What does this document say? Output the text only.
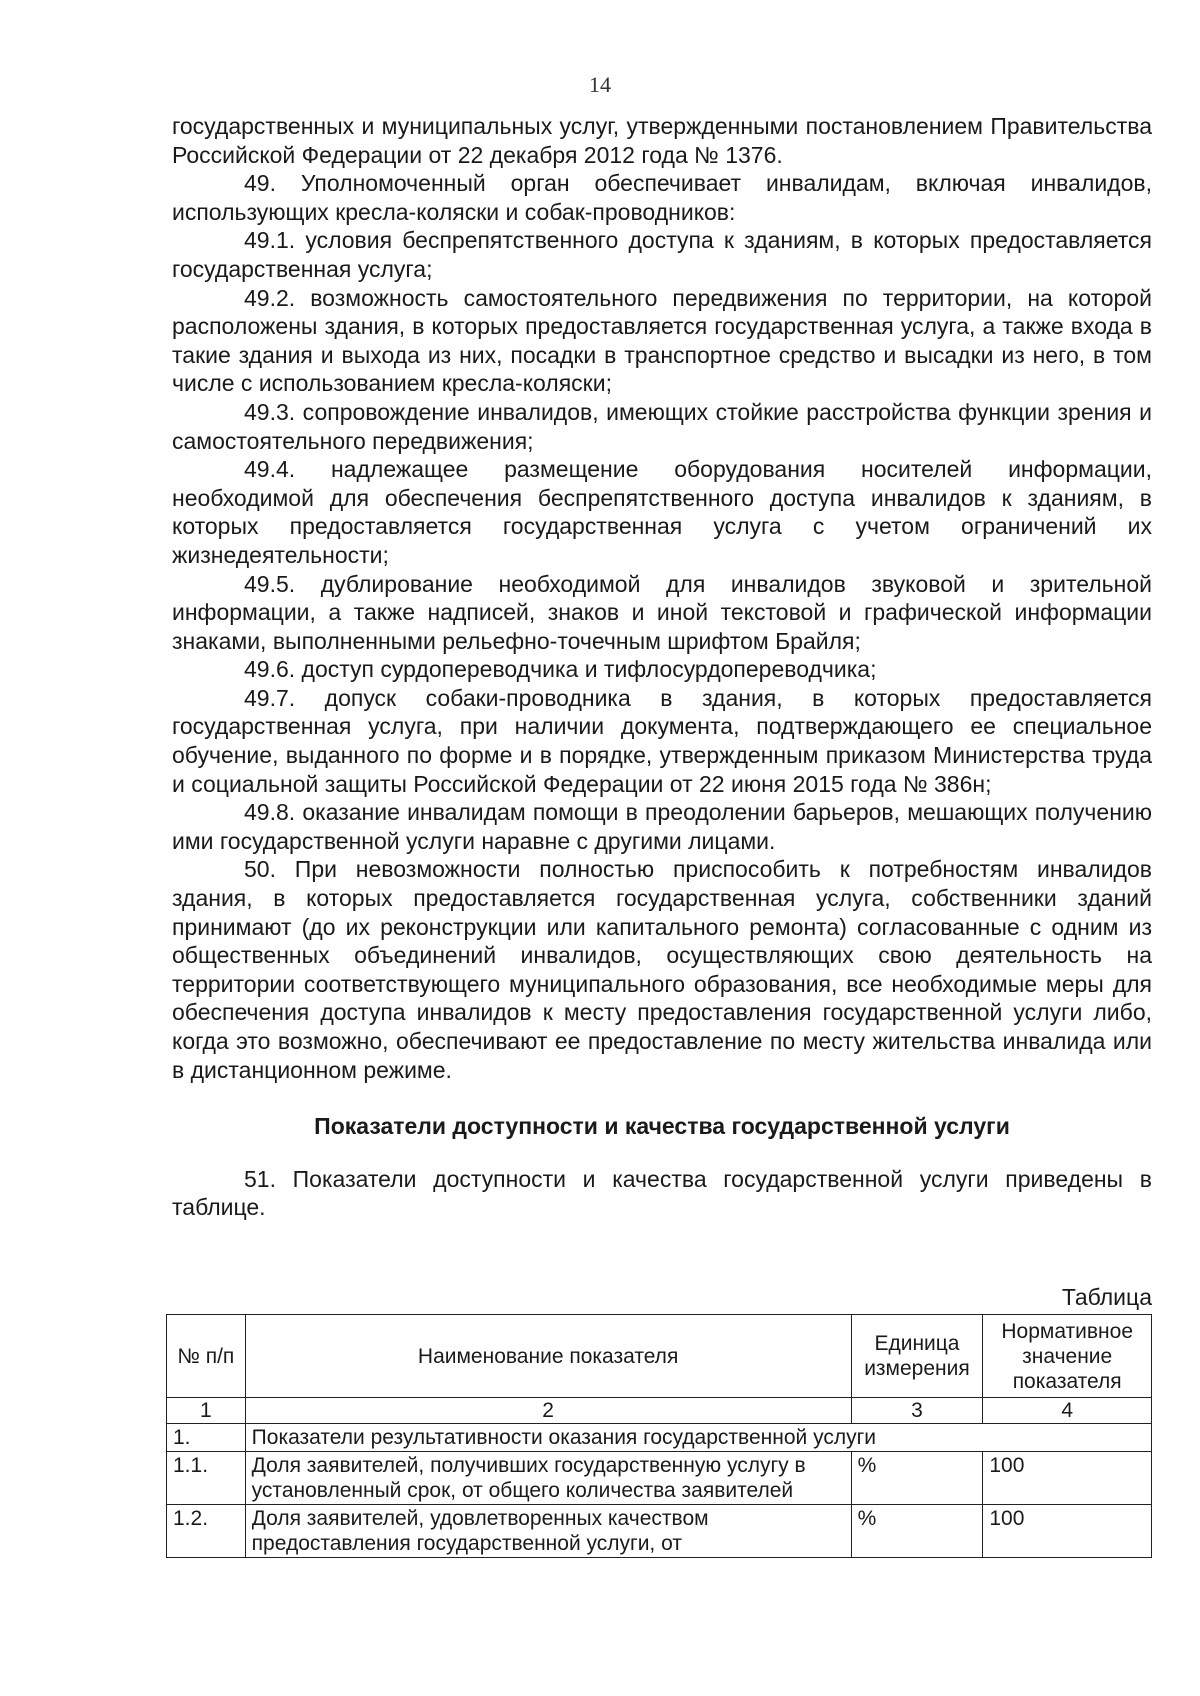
14

государственных и муниципальных услуг, утвержденными постановлением Правительства Российской Федерации от 22 декабря 2012 года № 1376.

49. Уполномоченный орган обеспечивает инвалидам, включая инвалидов, использующих кресла-коляски и собак-проводников:

49.1. условия беспрепятственного доступа к зданиям, в которых предоставляется государственная услуга;

49.2. возможность самостоятельного передвижения по территории, на которой расположены здания, в которых предоставляется государственная услуга, а также входа в такие здания и выхода из них, посадки в транспортное средство и высадки из него, в том числе с использованием кресла-коляски;

49.3. сопровождение инвалидов, имеющих стойкие расстройства функции зрения и самостоятельного передвижения;

49.4. надлежащее размещение оборудования носителей информации, необходимой для обеспечения беспрепятственного доступа инвалидов к зданиям, в которых предоставляется государственная услуга с учетом ограничений их жизнедеятельности;

49.5. дублирование необходимой для инвалидов звуковой и зрительной информации, а также надписей, знаков и иной текстовой и графической информации знаками, выполненными рельефно-точечным шрифтом Брайля;

49.6. доступ сурдопереводчика и тифлосурдопереводчика;

49.7. допуск собаки-проводника в здания, в которых предоставляется государственная услуга, при наличии документа, подтверждающего ее специальное обучение, выданного по форме и в порядке, утвержденным приказом Министерства труда и социальной защиты Российской Федерации от 22 июня 2015 года № 386н;

49.8. оказание инвалидам помощи в преодолении барьеров, мешающих получению ими государственной услуги наравне с другими лицами.

50. При невозможности полностью приспособить к потребностям инвалидов здания, в которых предоставляется государственная услуга, собственники зданий принимают (до их реконструкции или капитального ремонта) согласованные с одним из общественных объединений инвалидов, осуществляющих свою деятельность на территории соответствующего муниципального образования, все необходимые меры для обеспечения доступа инвалидов к месту предоставления государственной услуги либо, когда это возможно, обеспечивают ее предоставление по месту жительства инвалида или в дистанционном режиме.

Показатели доступности и качества государственной услуги

51. Показатели доступности и качества государственной услуги приведены в таблице.

Таблица
№ п/п	Наименование показателя	Единица измерения	Нормативное значение показателя
1	2	3	4
1.	Показатели результативности оказания государственной услуги		
1.1.	Доля заявителей, получивших государственную услугу в установленный срок, от общего количества заявителей	%	100
1.2.	Доля заявителей, удовлетворенных качеством предоставления государственной услуги, от	%	100
